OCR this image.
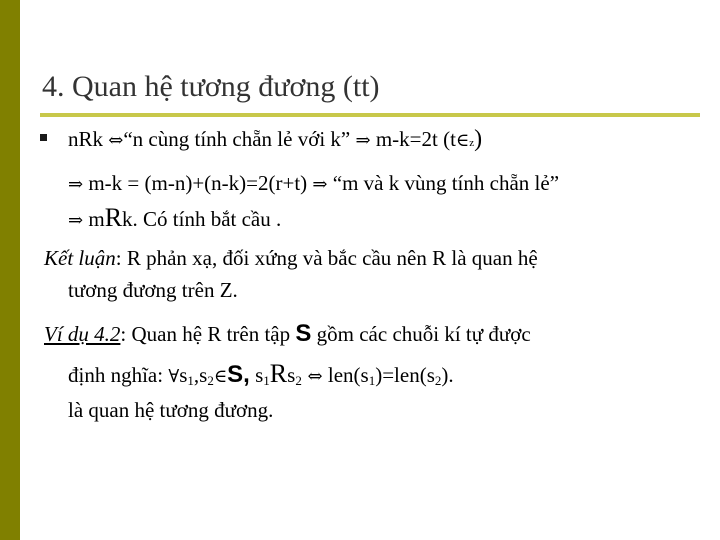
4. Quan hệ tương đương (tt)
nRk ⇔“n cùng tính chẵn lẻ với k” ⇒ m-k=2t (t∈z)
⇒ m-k = (m-n)+(n-k)=2(r+t) ⇒ “m và k vùng tính chẵn lẻ”
⇒ mRk. Có tính bắt cầu .
Kết luận: R phản xạ, đối xứng và bắc cầu nên R là quan hệ
tương đương trên Z.
Ví dụ 4.2: Quan hệ R trên tập S gồm các chuỗi kí tự được
định nghĩa: $\forall s_1,s_2\in S$, $s_1Rs_2$ ⇔ $len(s_1)=len(s_2)$.
là quan hệ tương đương.
